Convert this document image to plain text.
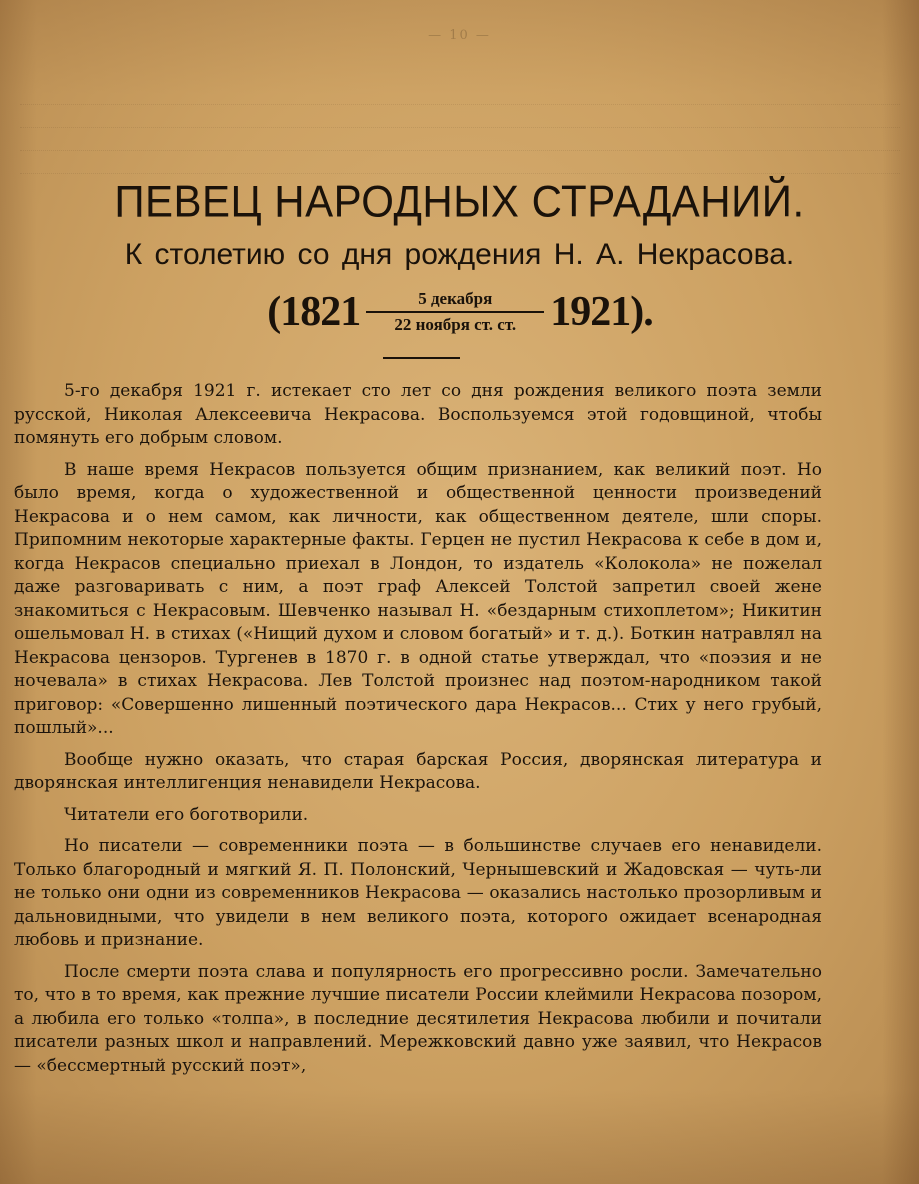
— 10 —
ПЕВЕЦ НАРОДНЫХ СТРАДАНИЙ.
К столетию со дня рождения Н. А. Некрасова.
( $1821 \frac{\text{5 декабря}}{\text{22 ноября ст. ст.}} 1921$ ).

5-го декабря 1921 г. истекает сто лет со дня рождения великого поэта земли русской, Николая Алексеевича Некрасова. Воспользуемся этой годовщиной, чтобы помянуть его добрым словом.

В наше время Некрасов пользуется общим признанием, как великий поэт. Но было время, когда о художественной и общественной ценности произведений Некрасова и о нем самом, как личности, как общественном деятеле, шли споры. Припомним некоторые характерные факты. Герцен не пустил Некрасова к себе в дом и, когда Некрасов специально приехал в Лондон, то издатель «Колокола» не пожелал даже разговаривать с ним, а поэт граф Алексей Толстой запретил своей жене знакомиться с Некрасовым. Шевченко называл Н. «бездарным стихоплетом»; Никитин ошельмовал Н. в стихах («Нищий духом и словом богатый» и т. д.). Боткин натравлял на Некрасова цензоров. Тургенев в 1870 г. в одной статье утверждал, что «поэзия и не ночевала» в стихах Некрасова. Лев Толстой произнес над поэтом-народником такой приговор: «Совершенно лишенный поэтического дара Некрасов... Стих у него грубый, пошлый»...

Вообще нужно оказать, что старая барская Россия, дворянская литература и дворянская интеллигенция ненавидели Некрасова.

Читатели его боготворили.

Но писатели — современники поэта — в большинстве случаев его ненавидели. Только благородный и мягкий Я. П. Полонский, Чернышевский и Жадовская — чуть-ли не только они одни из современников Некрасова — оказались настолько прозорливым и дальновидными, что увидели в нем великого поэта, которого ожидает всенародная любовь и признание.

После смерти поэта слава и популярность его прогрессивно росли. Замечательно то, что в то время, как прежние лучшие писатели России клеймили Некрасова позором, а любила его только «толпа», в последние десятилетия Некрасова любили и почитали писатели разных школ и направлений. Мережковский давно уже заявил, что Некрасов — «бессмертный русский поэт»,
